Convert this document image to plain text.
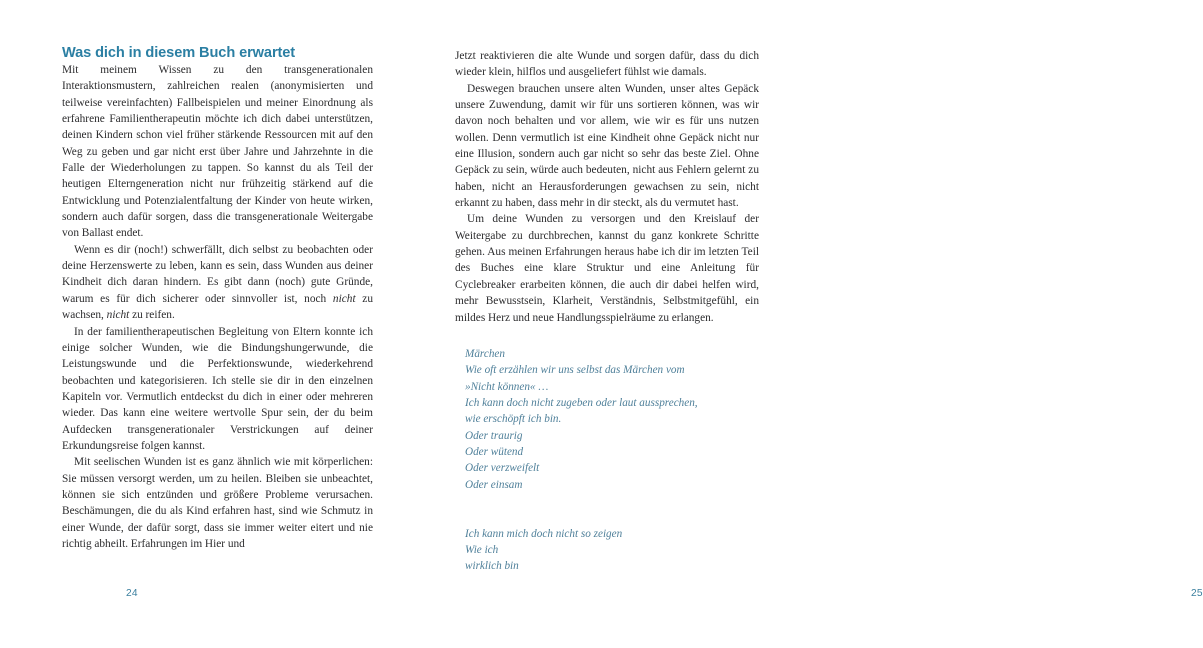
Was dich in diesem Buch erwartet

Mit meinem Wissen zu den transgenerationalen Interaktionsmustern, zahlreichen realen (anonymisierten und teilweise vereinfachten) Fallbeispielen und meiner Einordnung als erfahrene Familientherapeutin möchte ich dich dabei unterstützen, deinen Kindern schon viel früher stärkende Ressourcen mit auf den Weg zu geben und gar nicht erst über Jahre und Jahrzehnte in die Falle der Wiederholungen zu tappen. So kannst du als Teil der heutigen Elterngeneration nicht nur frühzeitig stärkend auf die Entwicklung und Potenzialentfaltung der Kinder von heute wirken, sondern auch dafür sorgen, dass die transgenerationale Weitergabe von Ballast endet.

Wenn es dir (noch!) schwerfällt, dich selbst zu beobachten oder deine Herzenswerte zu leben, kann es sein, dass Wunden aus deiner Kindheit dich daran hindern. Es gibt dann (noch) gute Gründe, warum es für dich sicherer oder sinnvoller ist, noch nicht zu wachsen, nicht zu reifen.

In der familientherapeutischen Begleitung von Eltern konnte ich einige solcher Wunden, wie die Bindungshungerwunde, die Leistungswunde und die Perfektionswunde, wiederkehrend beobachten und kategorisieren. Ich stelle sie dir in den einzelnen Kapiteln vor. Vermutlich entdeckst du dich in einer oder mehreren wieder. Das kann eine weitere wertvolle Spur sein, der du beim Aufdecken transgenerationaler Verstrickungen auf deiner Erkundungsreise folgen kannst.

Mit seelischen Wunden ist es ganz ähnlich wie mit körperlichen: Sie müssen versorgt werden, um zu heilen. Bleiben sie unbeachtet, können sie sich entzünden und größere Probleme verursachen. Beschämungen, die du als Kind erfahren hast, sind wie Schmutz in einer Wunde, der dafür sorgt, dass sie immer weiter eitert und nie richtig abheilt. Erfahrungen im Hier und

24

Jetzt reaktivieren die alte Wunde und sorgen dafür, dass du dich wieder klein, hilflos und ausgeliefert fühlst wie damals.

Deswegen brauchen unsere alten Wunden, unser altes Gepäck unsere Zuwendung, damit wir für uns sortieren können, was wir davon noch behalten und vor allem, wie wir es für uns nutzen wollen. Denn vermutlich ist eine Kindheit ohne Gepäck nicht nur eine Illusion, sondern auch gar nicht so sehr das beste Ziel. Ohne Gepäck zu sein, würde auch bedeuten, nicht aus Fehlern gelernt zu haben, nicht an Herausforderungen gewachsen zu sein, nicht erkannt zu haben, dass mehr in dir steckt, als du vermutet hast.

Um deine Wunden zu versorgen und den Kreislauf der Weitergabe zu durchbrechen, kannst du ganz konkrete Schritte gehen. Aus meinen Erfahrungen heraus habe ich dir im letzten Teil des Buches eine klare Struktur und eine Anleitung für Cyclebreaker erarbeiten können, die auch dir dabei helfen wird, mehr Bewusstsein, Klarheit, Verständnis, Selbstmitgefühl, ein mildes Herz und neue Handlungsspielräume zu erlangen.

Märchen
Wie oft erzählen wir uns selbst das Märchen vom
»Nicht können« …
Ich kann doch nicht zugeben oder laut aussprechen,
wie erschöpft ich bin.
Oder traurig
Oder wütend
Oder verzweifelt
Oder einsam
Ich kann mich doch nicht so zeigen
Wie ich
wirklich bin
25
